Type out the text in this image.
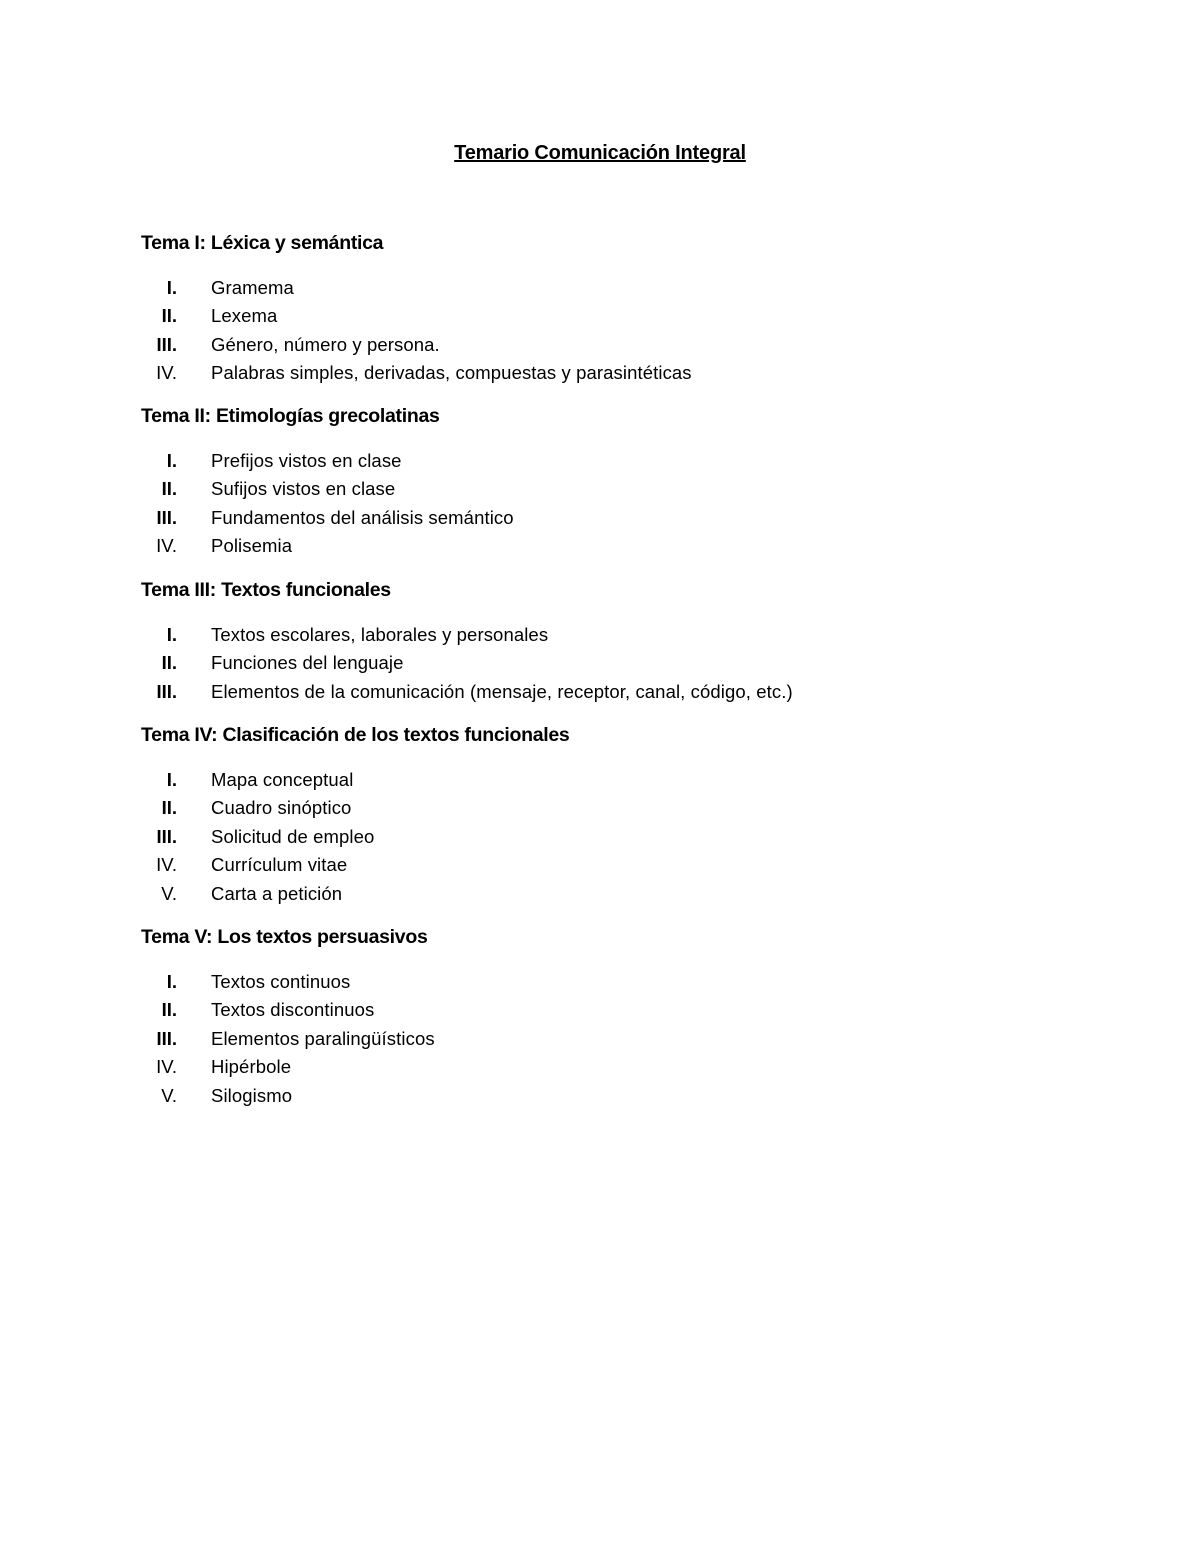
Temario Comunicación Integral
Tema I: Léxica y semántica
I. Gramema
II. Lexema
III. Género, número y persona.
IV. Palabras simples, derivadas, compuestas y parasintéticas
Tema II: Etimologías grecolatinas
I. Prefijos vistos en clase
II. Sufijos vistos en clase
III. Fundamentos del análisis semántico
IV. Polisemia
Tema III: Textos funcionales
I. Textos escolares, laborales y personales
II. Funciones del lenguaje
III. Elementos de la comunicación (mensaje, receptor, canal, código, etc.)
Tema IV: Clasificación de los textos funcionales
I. Mapa conceptual
II. Cuadro sinóptico
III. Solicitud de empleo
IV. Currículum vitae
V. Carta a petición
Tema V: Los textos persuasivos
I. Textos continuos
II. Textos discontinuos
III. Elementos paralingüísticos
IV. Hipérbole
V. Silogismo
